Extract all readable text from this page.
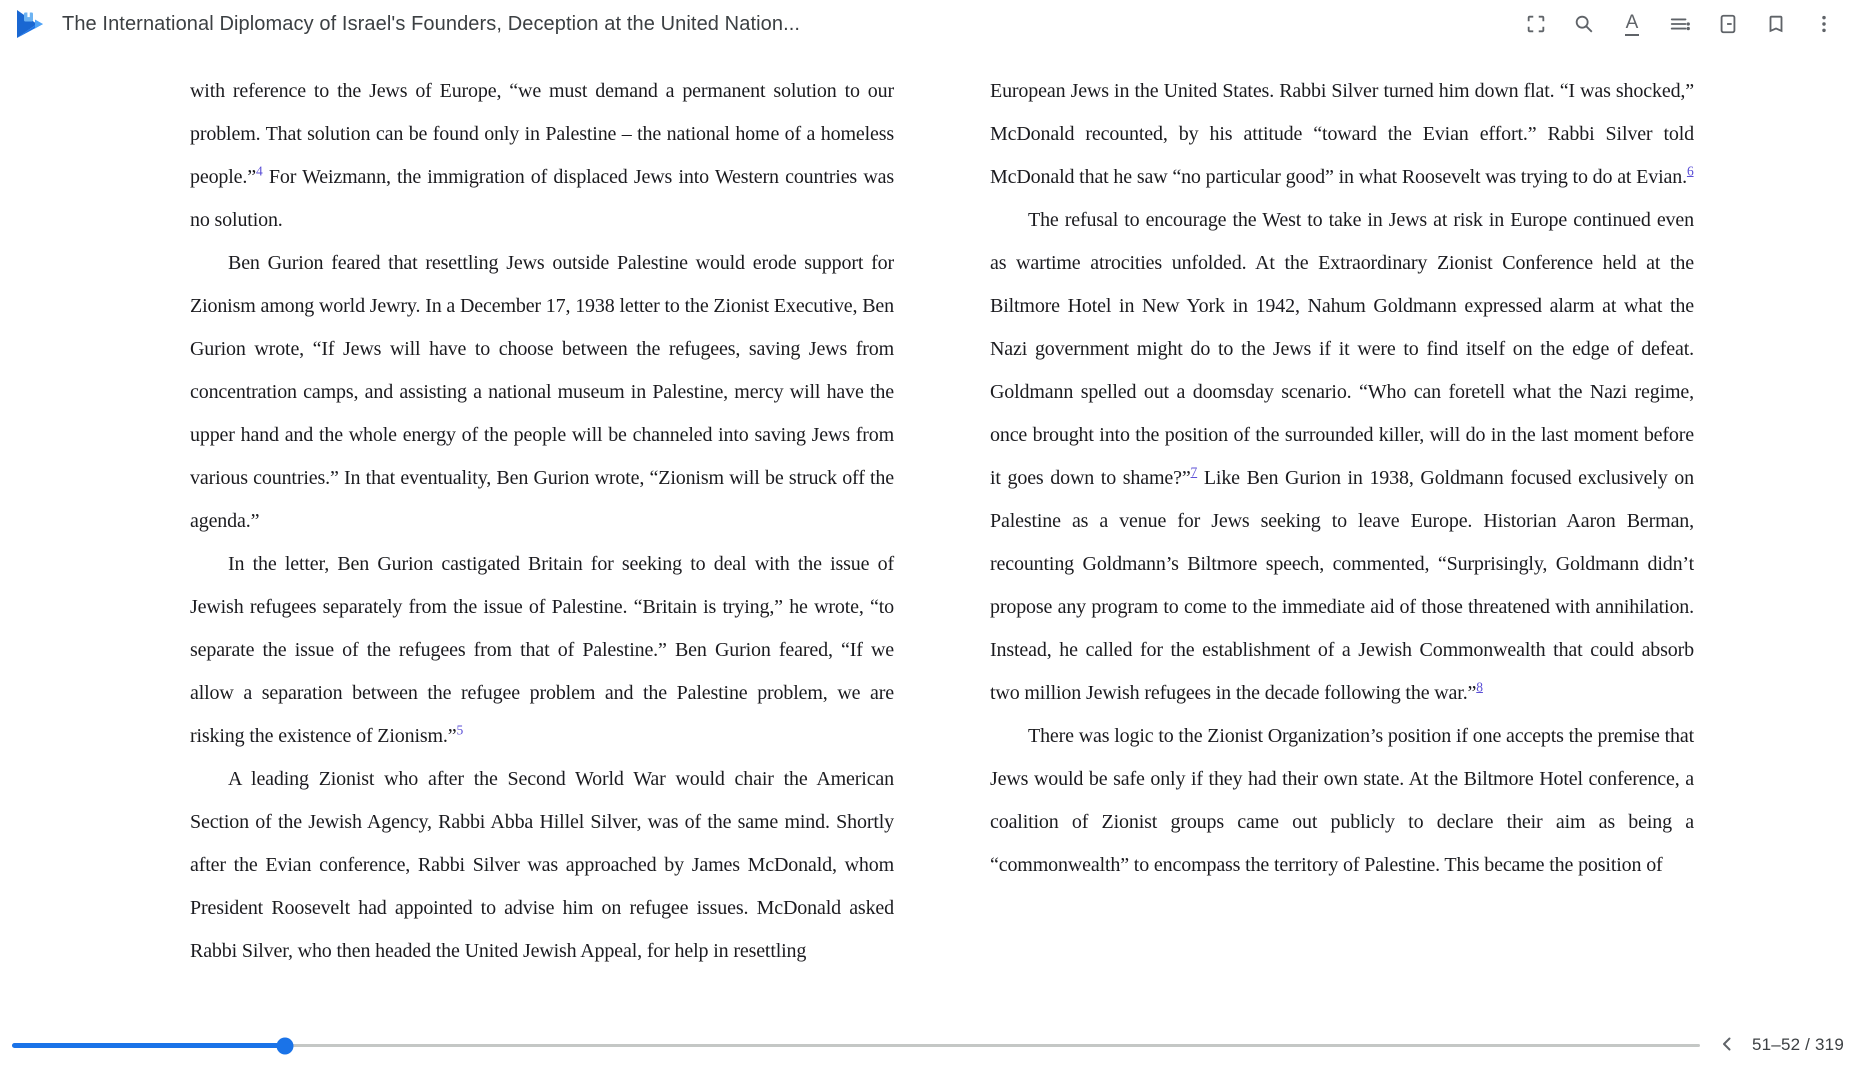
The International Diplomacy of Israel's Founders, Deception at the United Nation...	A

with reference to the Jews of Europe, “we must demand a permanent solution to our problem. That solution can be found only in Palestine – the national home of a homeless people.”$^4$ For Weizmann, the immigration of displaced Jews into Western countries was no solution.

Ben Gurion feared that resettling Jews outside Palestine would erode support for Zionism among world Jewry. In a December 17, 1938 letter to the Zionist Executive, Ben Gurion wrote, “If Jews will have to choose between the refugees, saving Jews from concentration camps, and assisting a national museum in Palestine, mercy will have the upper hand and the whole energy of the people will be channeled into saving Jews from various countries.” In that eventuality, Ben Gurion wrote, “Zionism will be struck off the agenda.”

In the letter, Ben Gurion castigated Britain for seeking to deal with the issue of Jewish refugees separately from the issue of Palestine. “Britain is trying,” he wrote, “to separate the issue of the refugees from that of Palestine.” Ben Gurion feared, “If we allow a separation between the refugee problem and the Palestine problem, we are risking the existence of Zionism.”$^5$

A leading Zionist who after the Second World War would chair the American Section of the Jewish Agency, Rabbi Abba Hillel Silver, was of the same mind. Shortly after the Evian conference, Rabbi Silver was approached by James McDonald, whom President Roosevelt had appointed to advise him on refugee issues. McDonald asked Rabbi Silver, who then headed the United Jewish Appeal, for help in resettling

European Jews in the United States. Rabbi Silver turned him down flat. “I was shocked,” McDonald recounted, by his attitude “toward the Evian effort.” Rabbi Silver told McDonald that he saw “no particular good” in what Roosevelt was trying to do at Evian.$^6$

The refusal to encourage the West to take in Jews at risk in Europe continued even as wartime atrocities unfolded. At the Extraordinary Zionist Conference held at the Biltmore Hotel in New York in 1942, Nahum Goldmann expressed alarm at what the Nazi government might do to the Jews if it were to find itself on the edge of defeat. Goldmann spelled out a doomsday scenario. “Who can foretell what the Nazi regime, once brought into the position of the surrounded killer, will do in the last moment before it goes down to shame?”$^7$ Like Ben Gurion in 1938, Goldmann focused exclusively on Palestine as a venue for Jews seeking to leave Europe. Historian Aaron Berman, recounting Goldmann’s Biltmore speech, commented, “Surprisingly, Goldmann didn’t propose any program to come to the immediate aid of those threatened with annihilation. Instead, he called for the establishment of a Jewish Commonwealth that could absorb two million Jewish refugees in the decade following the war.”$^8$

There was logic to the Zionist Organization’s position if one accepts the premise that Jews would be safe only if they had their own state. At the Biltmore Hotel conference, a coalition of Zionist groups came out publicly to declare their aim as being a “commonwealth” to encompass the territory of Palestine. This became the position of

51–52 / 319
